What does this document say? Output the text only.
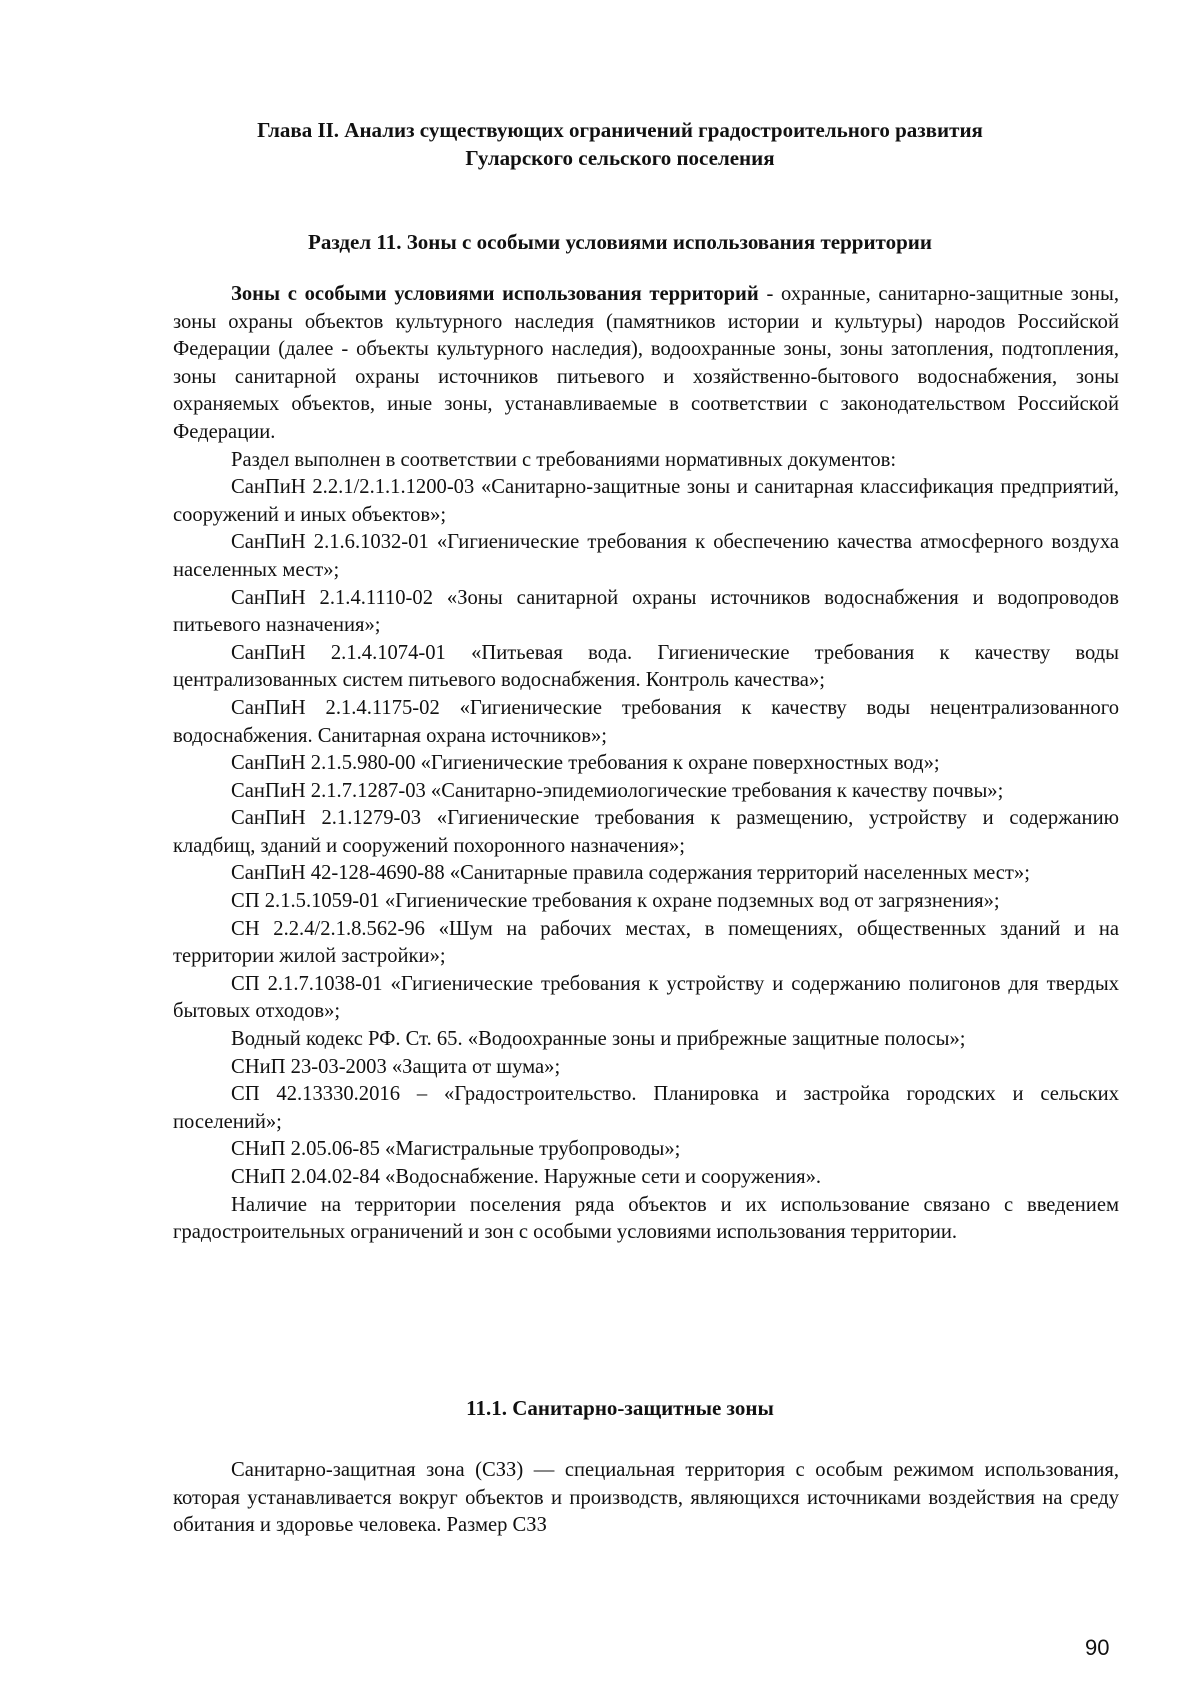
Глава II. Анализ существующих ограничений градостроительного развития
Гуларского сельского поселения
Раздел 11. Зоны с особыми условиями использования территории

Зоны с особыми условиями использования территорий - охранные, санитарно-защитные зоны, зоны охраны объектов культурного наследия (памятников истории и культуры) народов Российской Федерации (далее - объекты культурного наследия), водоохранные зоны, зоны затопления, подтопления, зоны санитарной охраны источников питьевого и хозяйственно-бытового водоснабжения, зоны охраняемых объектов, иные зоны, устанавливаемые в соответствии с законодательством Российской Федерации.

Раздел выполнен в соответствии с требованиями нормативных документов:

СанПиН 2.2.1/2.1.1.1200-03 «Санитарно-защитные зоны и санитарная классификация предприятий, сооружений и иных объектов»;

СанПиН 2.1.6.1032-01 «Гигиенические требования к обеспечению качества атмосферного воздуха населенных мест»;

СанПиН 2.1.4.1110-02 «Зоны санитарной охраны источников водоснабжения и водопроводов питьевого назначения»;

СанПиН 2.1.4.1074-01 «Питьевая вода. Гигиенические требования к качеству воды централизованных систем питьевого водоснабжения. Контроль качества»;

СанПиН 2.1.4.1175-02 «Гигиенические требования к качеству воды нецентрализованного водоснабжения. Санитарная охрана источников»;

СанПиН 2.1.5.980-00 «Гигиенические требования к охране поверхностных вод»;

СанПиН 2.1.7.1287-03 «Санитарно-эпидемиологические требования к качеству почвы»;

СанПиН 2.1.1279-03 «Гигиенические требования к размещению, устройству и содержанию кладбищ, зданий и сооружений похоронного назначения»;

СанПиН 42-128-4690-88 «Санитарные правила содержания территорий населенных мест»;

СП 2.1.5.1059-01 «Гигиенические требования к охране подземных вод от загрязнения»;

СН 2.2.4/2.1.8.562-96 «Шум на рабочих местах, в помещениях, общественных зданий и на территории жилой застройки»;

СП 2.1.7.1038-01 «Гигиенические требования к устройству и содержанию полигонов для твердых бытовых отходов»;

Водный кодекс РФ. Ст. 65. «Водоохранные зоны и прибрежные защитные полосы»;

СНиП 23-03-2003 «Защита от шума»;

СП 42.13330.2016 – «Градостроительство. Планировка и застройка городских и сельских поселений»;

СНиП 2.05.06-85 «Магистральные трубопроводы»;

СНиП 2.04.02-84 «Водоснабжение. Наружные сети и сооружения».

Наличие на территории поселения ряда объектов и их использование связано с введением градостроительных ограничений и зон с особыми условиями использования территории.

11.1. Санитарно-защитные зоны

Санитарно-защитная зона (СЗЗ) — специальная территория с особым режимом использования, которая устанавливается вокруг объектов и производств, являющихся источниками воздействия на среду обитания и здоровье человека. Размер СЗЗ

90
